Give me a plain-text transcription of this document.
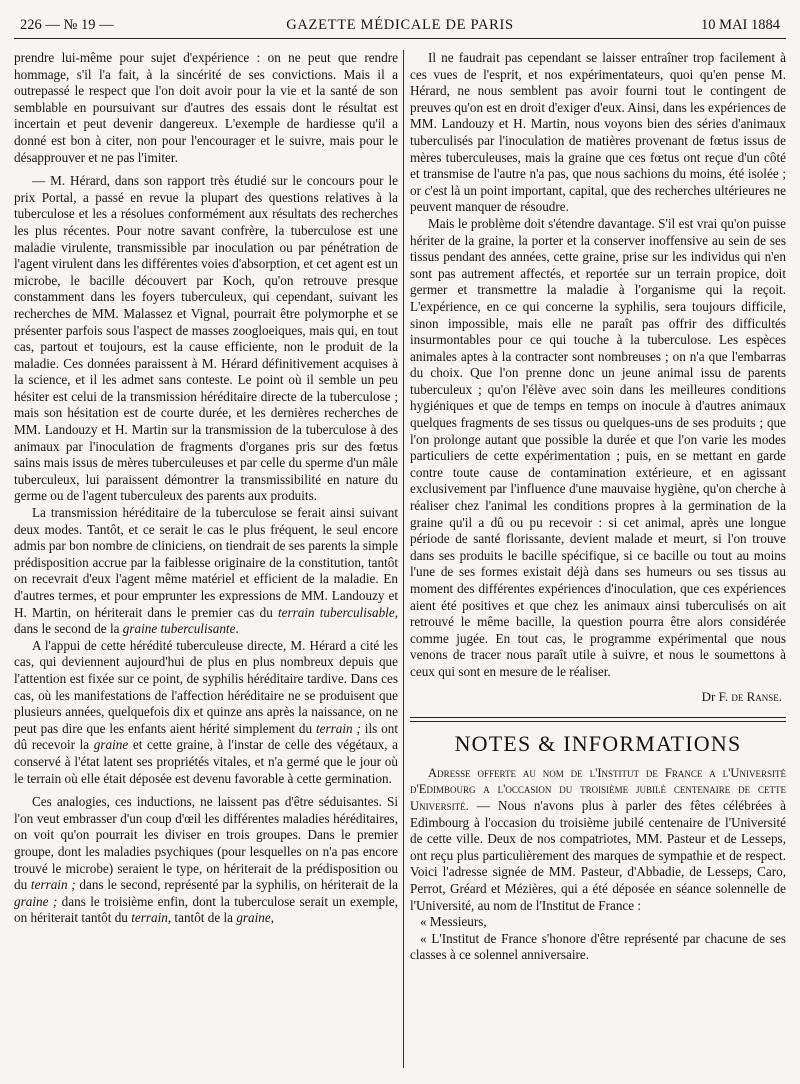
226 — № 19 —	GAZETTE MÉDICALE DE PARIS	10 MAI 1884

prendre lui-même pour sujet d'expérience : on ne peut que rendre hommage, s'il l'a fait, à la sincérité de ses convictions. Mais il a outrepassé le respect que l'on doit avoir pour la vie et la santé de son semblable en poursuivant sur d'autres des essais dont le résultat est incertain et peut devenir dangereux. L'exemple de hardiesse qu'il a donné est bon à citer, non pour l'encourager et le suivre, mais pour le désapprouver et ne pas l'imiter.

— M. Hérard, dans son rapport très étudié sur le concours pour le prix Portal, a passé en revue la plupart des questions relatives à la tuberculose et les a résolues conformément aux résultats des recherches les plus récentes. Pour notre savant confrère, la tuberculose est une maladie virulente, transmissible par inoculation ou par pénétration de l'agent virulent dans les différentes voies d'absorption, et cet agent est un microbe, le bacille découvert par Koch, qu'on retrouve presque constamment dans les foyers tuberculeux, qui cependant, suivant les recherches de MM. Malassez et Vignal, pourrait être polymorphe et se présenter parfois sous l'aspect de masses zoogloeiques, mais qui, en tout cas, partout et toujours, est la cause efficiente, non le produit de la maladie. Ces données paraissent à M. Hérard définitivement acquises à la science, et il les admet sans conteste. Le point où il semble un peu hésiter est celui de la transmission héréditaire directe de la tuberculose ; mais son hésitation est de courte durée, et les dernières recherches de MM. Landouzy et H. Martin sur la transmission de la tuberculose à des animaux par l'inoculation de fragments d'organes pris sur des fœtus sains mais issus de mères tuberculeuses et par celle du sperme d'un mâle tuberculeux, lui paraissent démontrer la transmissibilité en nature du germe ou de l'agent tuberculeux des parents aux produits.

La transmission héréditaire de la tuberculose se ferait ainsi suivant deux modes. Tantôt, et ce serait le cas le plus fréquent, le seul encore admis par bon nombre de cliniciens, on tiendrait de ses parents la simple prédisposition accrue par la faiblesse originaire de la constitution, tantôt on recevrait d'eux l'agent même matériel et efficient de la maladie. En d'autres termes, et pour emprunter les expressions de MM. Landouzy et H. Martin, on hériterait dans le premier cas du terrain tuberculisable, dans le second de la graine tuberculisante.

A l'appui de cette hérédité tuberculeuse directe, M. Hérard a cité les cas, qui deviennent aujourd'hui de plus en plus nombreux depuis que l'attention est fixée sur ce point, de syphilis héréditaire tardive. Dans ces cas, où les manifestations de l'affection héréditaire ne se produisent que plusieurs années, quelquefois dix et quinze ans après la naissance, on ne peut pas dire que les enfants aient hérité simplement du terrain ; ils ont dû recevoir la graine et cette graine, à l'instar de celle des végétaux, a conservé à l'état latent ses propriétés vitales, et n'a germé que le jour où le terrain où elle était déposée est devenu favorable à cette germination.

Ces analogies, ces inductions, ne laissent pas d'être séduisantes. Si l'on veut embrasser d'un coup d'œil les différentes maladies héréditaires, on voit qu'on pourrait les diviser en trois groupes. Dans le premier groupe, dont les maladies psychiques (pour lesquelles on n'a pas encore trouvé le microbe) seraient le type, on hériterait de la prédisposition ou du terrain ; dans le second, représenté par la syphilis, on hériterait de la graine ; dans le troisième enfin, dont la tuberculose serait un exemple, on hériterait tantôt du terrain, tantôt de la graine,

Il ne faudrait pas cependant se laisser entraîner trop facilement à ces vues de l'esprit, et nos expérimentateurs, quoi qu'en pense M. Hérard, ne nous semblent pas avoir fourni tout le contingent de preuves qu'on est en droit d'exiger d'eux. Ainsi, dans les expériences de MM. Landouzy et H. Martin, nous voyons bien des séries d'animaux tuberculisés par l'inoculation de matières provenant de fœtus issus de mères tuberculeuses, mais la graine que ces fœtus ont reçue d'un côté et transmise de l'autre n'a pas, que nous sachions du moins, été isolée ; or c'est là un point important, capital, que des recherches ultérieures ne peuvent manquer de résoudre.

Mais le problème doit s'étendre davantage. S'il est vrai qu'on puisse hériter de la graine, la porter et la conserver inoffensive au sein de ses tissus pendant des années, cette graine, prise sur les individus qui n'en sont pas autrement affectés, et reportée sur un terrain propice, doit germer et transmettre la maladie à l'organisme qui la reçoit. L'expérience, en ce qui concerne la syphilis, sera toujours difficile, sinon impossible, mais elle ne paraît pas offrir des difficultés insurmontables pour ce qui touche à la tuberculose. Les espèces animales aptes à la contracter sont nombreuses ; on n'a que l'embarras du choix. Que l'on prenne donc un jeune animal issu de parents tuberculeux ; qu'on l'élève avec soin dans les meilleures conditions hygiéniques et que de temps en temps on inocule à d'autres animaux quelques fragments de ses tissus ou quelques-uns de ses produits ; que l'on prolonge autant que possible la durée et que l'on varie les modes particuliers de cette expérimentation ; puis, en se mettant en garde contre toute cause de contamination extérieure, et en agissant exclusivement par l'influence d'une mauvaise hygiène, qu'on cherche à réaliser chez l'animal les conditions propres à la germination de la graine qu'il a dû ou pu recevoir : si cet animal, après une longue période de santé florissante, devient malade et meurt, si l'on trouve dans ses produits le bacille spécifique, si ce bacille ou tout au moins l'une de ses formes existait déjà dans ses humeurs ou ses tissus au moment des différentes expériences d'inoculation, que ces expériences aient été positives et que chez les animaux ainsi tuberculisés on ait retrouvé le même bacille, la question pourra être alors considérée comme jugée. En tout cas, le programme expérimental que nous venons de tracer nous paraît utile à suivre, et nous le soumettons à ceux qui sont en mesure de le réaliser.

Dr F. de Ranse.
NOTES & INFORMATIONS

Adresse offerte au nom de l'Institut de France a l'Université d'Edimbourg a l'occasion du troisième jubilé centenaire de cette Université. — Nous n'avons plus à parler des fêtes célébrées à Edimbourg à l'occasion du troisième jubilé centenaire de l'Université de cette ville. Deux de nos compatriotes, MM. Pasteur et de Lesseps, ont reçu plus particulièrement des marques de sympathie et de respect. Voici l'adresse signée de MM. Pasteur, d'Abbadie, de Lesseps, Caro, Perrot, Gréard et Mézières, qui a été déposée en séance solennelle de l'Université, au nom de l'Institut de France :

« Messieurs,

« L'Institut de France s'honore d'être représenté par chacune de ses classes à ce solennel anniversaire.
